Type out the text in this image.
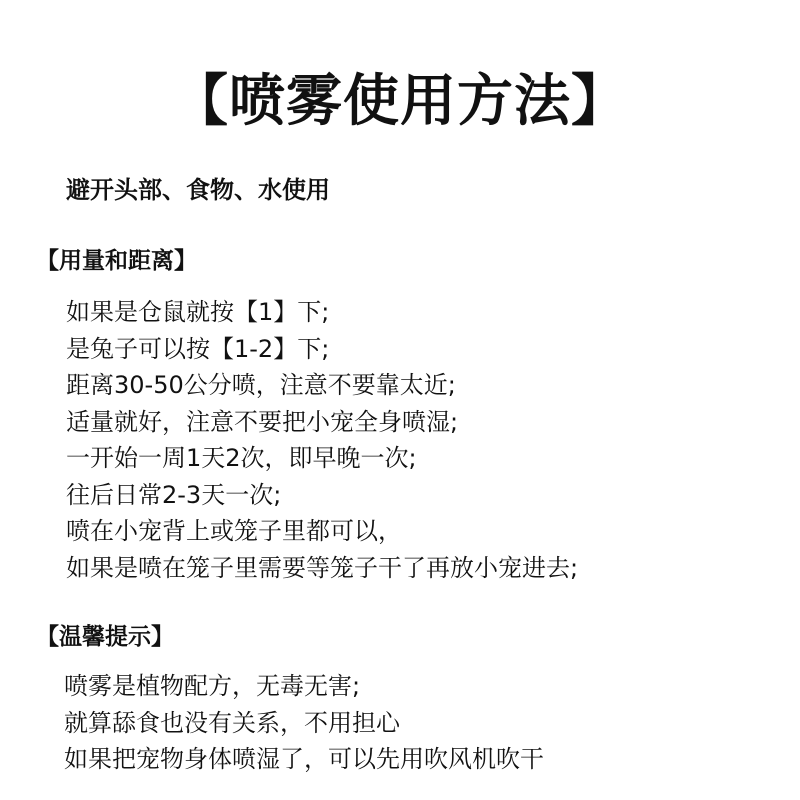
【喷雾使用方法】
避开头部、食物、水使用
【用量和距离】
如果是仓鼠就按【1】下;
是兔子可以按【1-2】下;
距离30-50公分喷，注意不要靠太近;
适量就好，注意不要把小宠全身喷湿;
一开始一周1天2次，即早晚一次;
往后日常2-3天一次;
喷在小宠背上或笼子里都可以，
如果是喷在笼子里需要等笼子干了再放小宠进去;
【温馨提示】
喷雾是植物配方，无毒无害;
就算舔食也没有关系，不用担心
如果把宠物身体喷湿了，可以先用吹风机吹干
